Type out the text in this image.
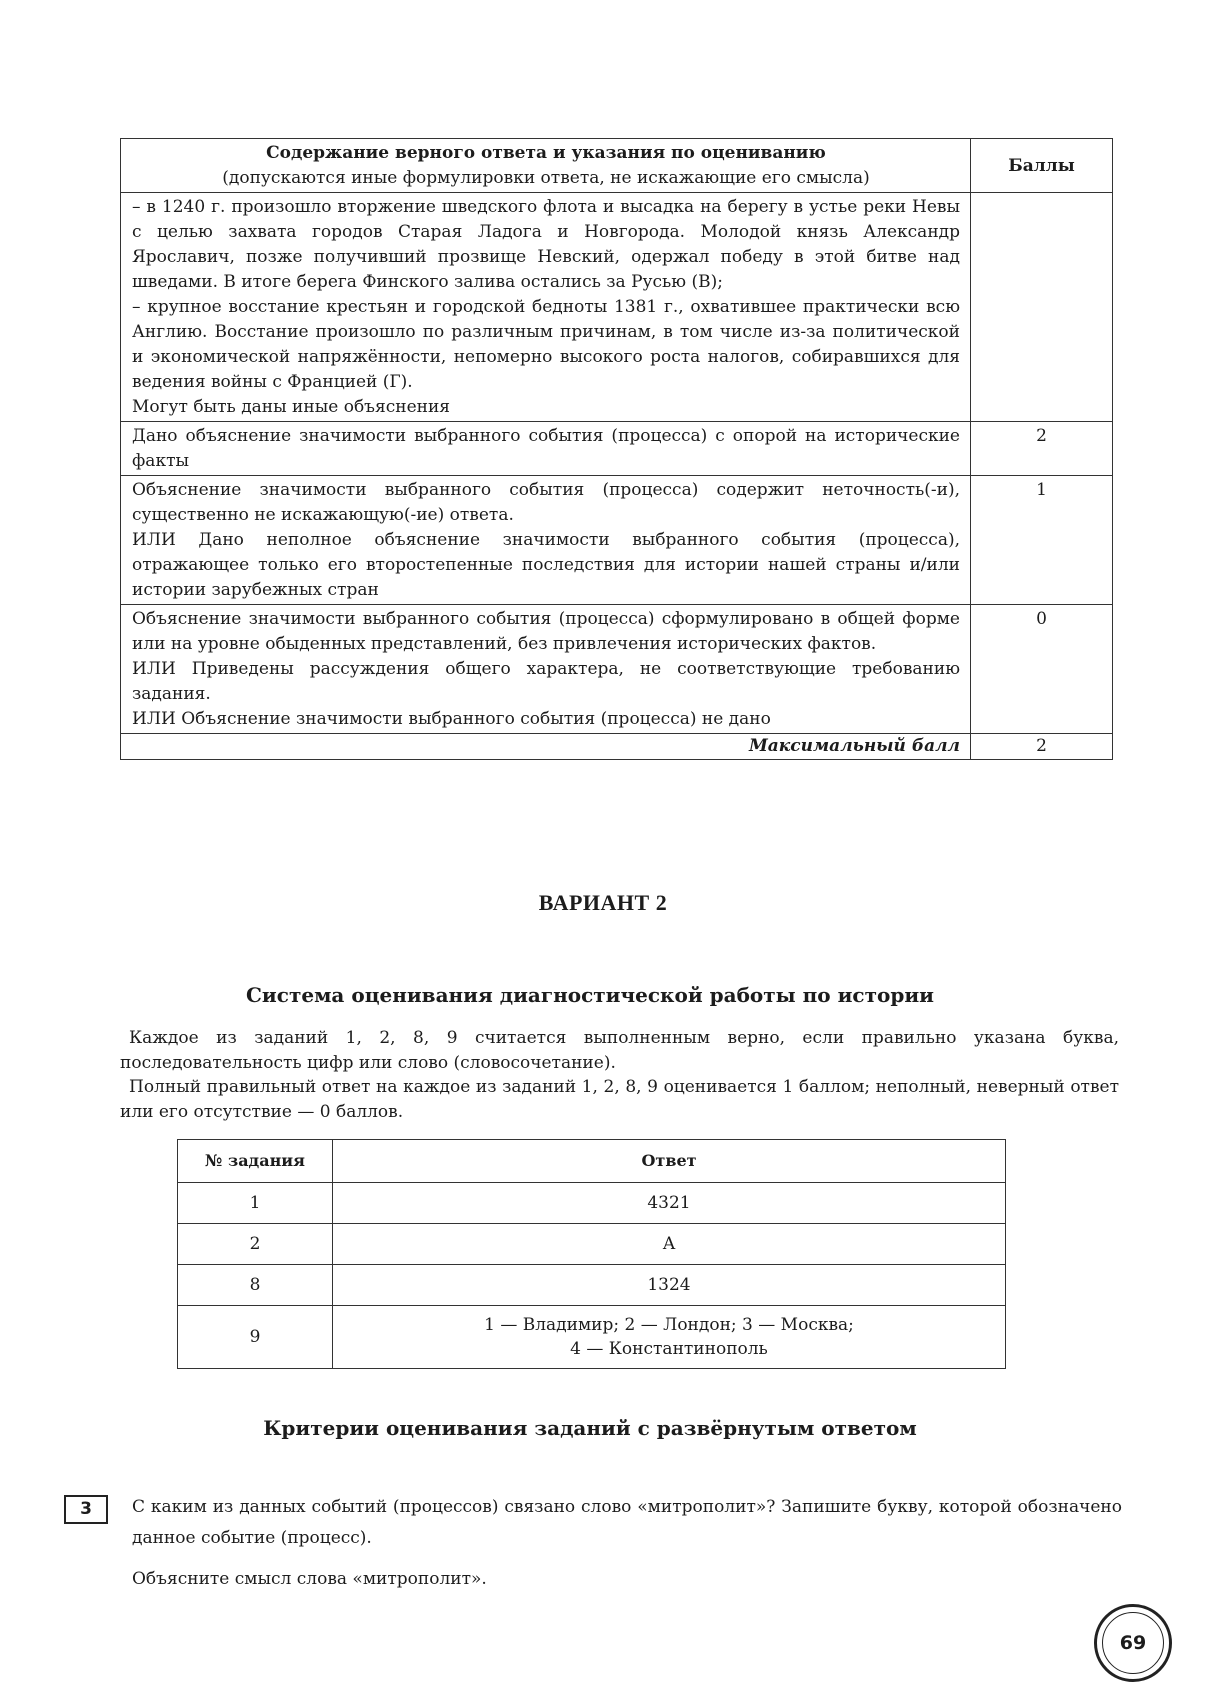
Содержание верного ответа и указания по оцениванию
(допускаются иные формулировки ответа, не искажающие его смысла)	Баллы

– в 1240 г. произошло вторжение шведского флота и высадка на берегу в устье реки Невы с целью захвата городов Старая Ладога и Новгорода. Молодой князь Александр Ярославич, позже получивший прозвище Невский, одержал победу в этой битве над шведами. В итоге берега Финского залива остались за Русью (В);
– крупное восстание крестьян и городской бедноты 1381 г., охватившее практически всю Англию. Восстание произошло по различным причинам, в том числе из-за политической и экономической напряжённости, непомерно высокого роста налогов, собиравшихся для ведения войны с Францией (Г).
Могут быть даны иные объяснения	

Дано объяснение значимости выбранного события (процесса) с опорой на исторические факты	2

Объяснение значимости выбранного события (процесса) содержит неточность(-и), существенно не искажающую(-ие) ответа.
ИЛИ Дано неполное объяснение значимости выбранного события (процесса), отражающее только его второстепенные последствия для истории нашей страны и/или истории зарубежных стран	1

Объяснение значимости выбранного события (процесса) сформулировано в общей форме или на уровне обыденных представлений, без привлечения исторических фактов.
ИЛИ Приведены рассуждения общего характера, не соответствующие требованию задания.
ИЛИ Объяснение значимости выбранного события (процесса) не дано	0
Максимальный балл	2
ВАРИАНТ 2
Система оценивания диагностической работы по истории

Каждое из заданий 1, 2, 8, 9 считается выполненным верно, если правильно указана буква, последовательность цифр или слово (словосочетание).

Полный правильный ответ на каждое из заданий 1, 2, 8, 9 оценивается 1 баллом; неполный, неверный ответ или его отсутствие — 0 баллов.

№ задания	Ответ
1	4321
2	А
8	1324
9	1 — Владимир; 2 — Лондон; 3 — Москва;
4 — Константинополь
Критерии оценивания заданий с развёрнутым ответом
3	С каким из данных событий (процессов) связано слово «митрополит»? Запишите букву, которой обозначено данное событие (процесс).

Объясните смысл слова «митрополит».

69
